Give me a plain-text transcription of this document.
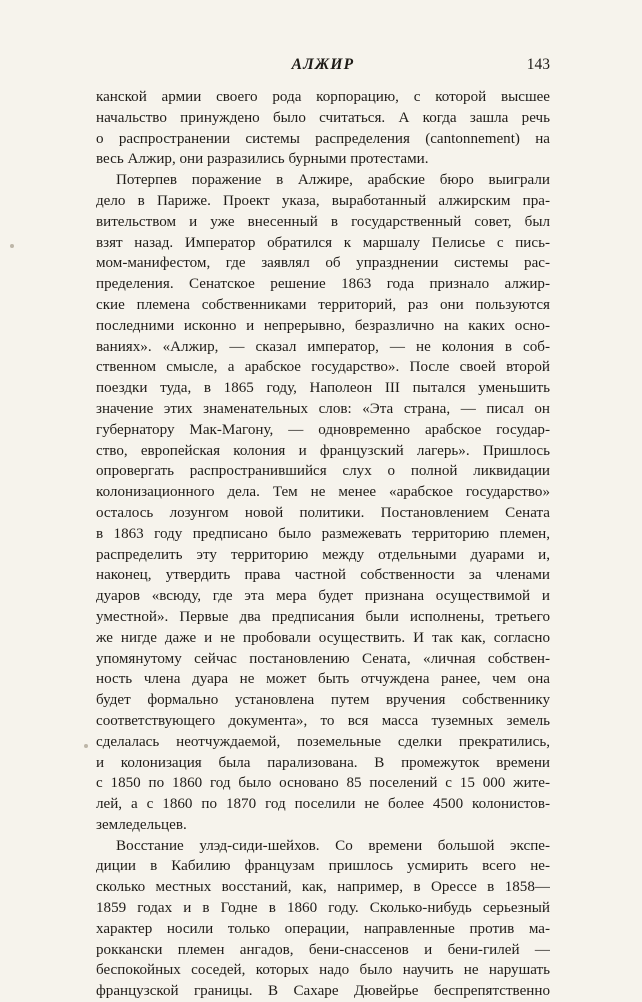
АЛЖИР	143
канской армии своего рода корпорацию, с которой высшее
начальство принуждено было считаться. А когда зашла речь
о распространении системы распределения (cantonnement) на
весь Алжир, они разразились бурными протестами.
Потерпев поражение в Алжире, арабские бюро выиграли
дело в Париже. Проект указа, выработанный алжирским пра-
вительством и уже внесенный в государственный совет, был
взят назад. Император обратился к маршалу Пелисье с пись-
мом-манифестом, где заявлял об упразднении системы рас-
пределения. Сенатское решение 1863 года признало алжир-
ские племена собственниками территорий, раз они пользуются
последними исконно и непрерывно, безразлично на каких осно-
ваниях». «Алжир, — сказал император, — не колония в соб-
ственном смысле, а арабское государство». После своей второй
поездки туда, в 1865 году, Наполеон III пытался уменьшить
значение этих знаменательных слов: «Эта страна, — писал он
губернатору Мак-Магону, — одновременно арабское государ-
ство, европейская колония и французский лагерь». Пришлось
опровергать распространившийся слух о полной ликвидации
колонизационного дела. Тем не менее «арабское государство»
осталось лозунгом новой политики. Постановлением Сената
в 1863 году предписано было размежевать территорию племен,
распределить эту территорию между отдельными дуарами и,
наконец, утвердить права частной собственности за членами
дуаров «всюду, где эта мера будет признана осуществимой и
уместной». Первые два предписания были исполнены, третьего
же нигде даже и не пробовали осуществить. И так как, согласно
упомянутому сейчас постановлению Сената, «личная собствен-
ность члена дуара не может быть отчуждена ранее, чем она
будет формально установлена путем вручения собственнику
соответствующего документа», то вся масса туземных земель
сделалась неотчуждаемой, поземельные сделки прекратились,
и колонизация была парализована. В промежуток времени
с 1850 по 1860 год было основано 85 поселений с 15 000 жите-
лей, а с 1860 по 1870 год поселили не более 4500 колонистов-
земледельцев.
Восстание улэд-сиди-шейхов. Со времени большой экспе-
диции в Кабилию французам пришлось усмирить всего не-
сколько местных восстаний, как, например, в Орессе в 1858—
1859 годах и в Годне в 1860 году. Сколько-нибудь серьезный
характер носили только операции, направленные против ма-
роккански племен ангадов, бени-снассенов и бени-гилей —
беспокойных соседей, которых надо было научить не нарушать
французской границы. В Сахаре Дювейрье беспрепятственно
